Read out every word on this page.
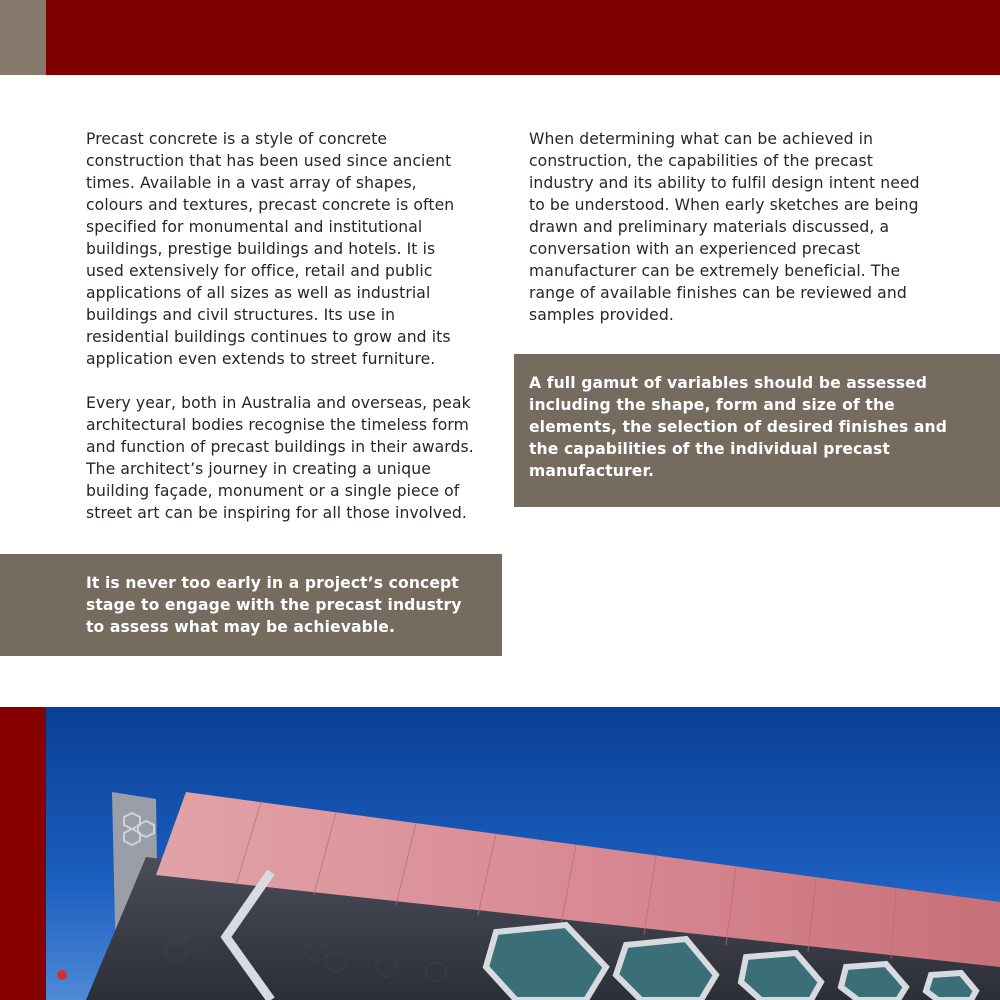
Precast concrete is a style of concrete construction that has been used since ancient times. Available in a vast array of shapes, colours and textures, precast concrete is often specified for monumental and institutional buildings, prestige buildings and hotels. It is used extensively for office, retail and public applications of all sizes as well as industrial buildings and civil structures. Its use in residential buildings continues to grow and its application even extends to street furniture.

Every year, both in Australia and overseas, peak architectural bodies recognise the timeless form and function of precast buildings in their awards. The architect’s journey in creating a unique building façade, monument or a single piece of street art can be inspiring for all those involved.

When determining what can be achieved in construction, the capabilities of the precast industry and its ability to fulfil design intent need to be understood. When early sketches are being drawn and preliminary materials discussed, a conversation with an experienced precast manufacturer can be extremely beneficial. The range of available finishes can be reviewed and samples provided.

A full gamut of variables should be assessed including the shape, form and size of the elements, the selection of desired finishes and the capabilities of the individual precast manufacturer.
It is never too early in a project’s concept stage to engage with the precast industry to assess what may be achievable.
